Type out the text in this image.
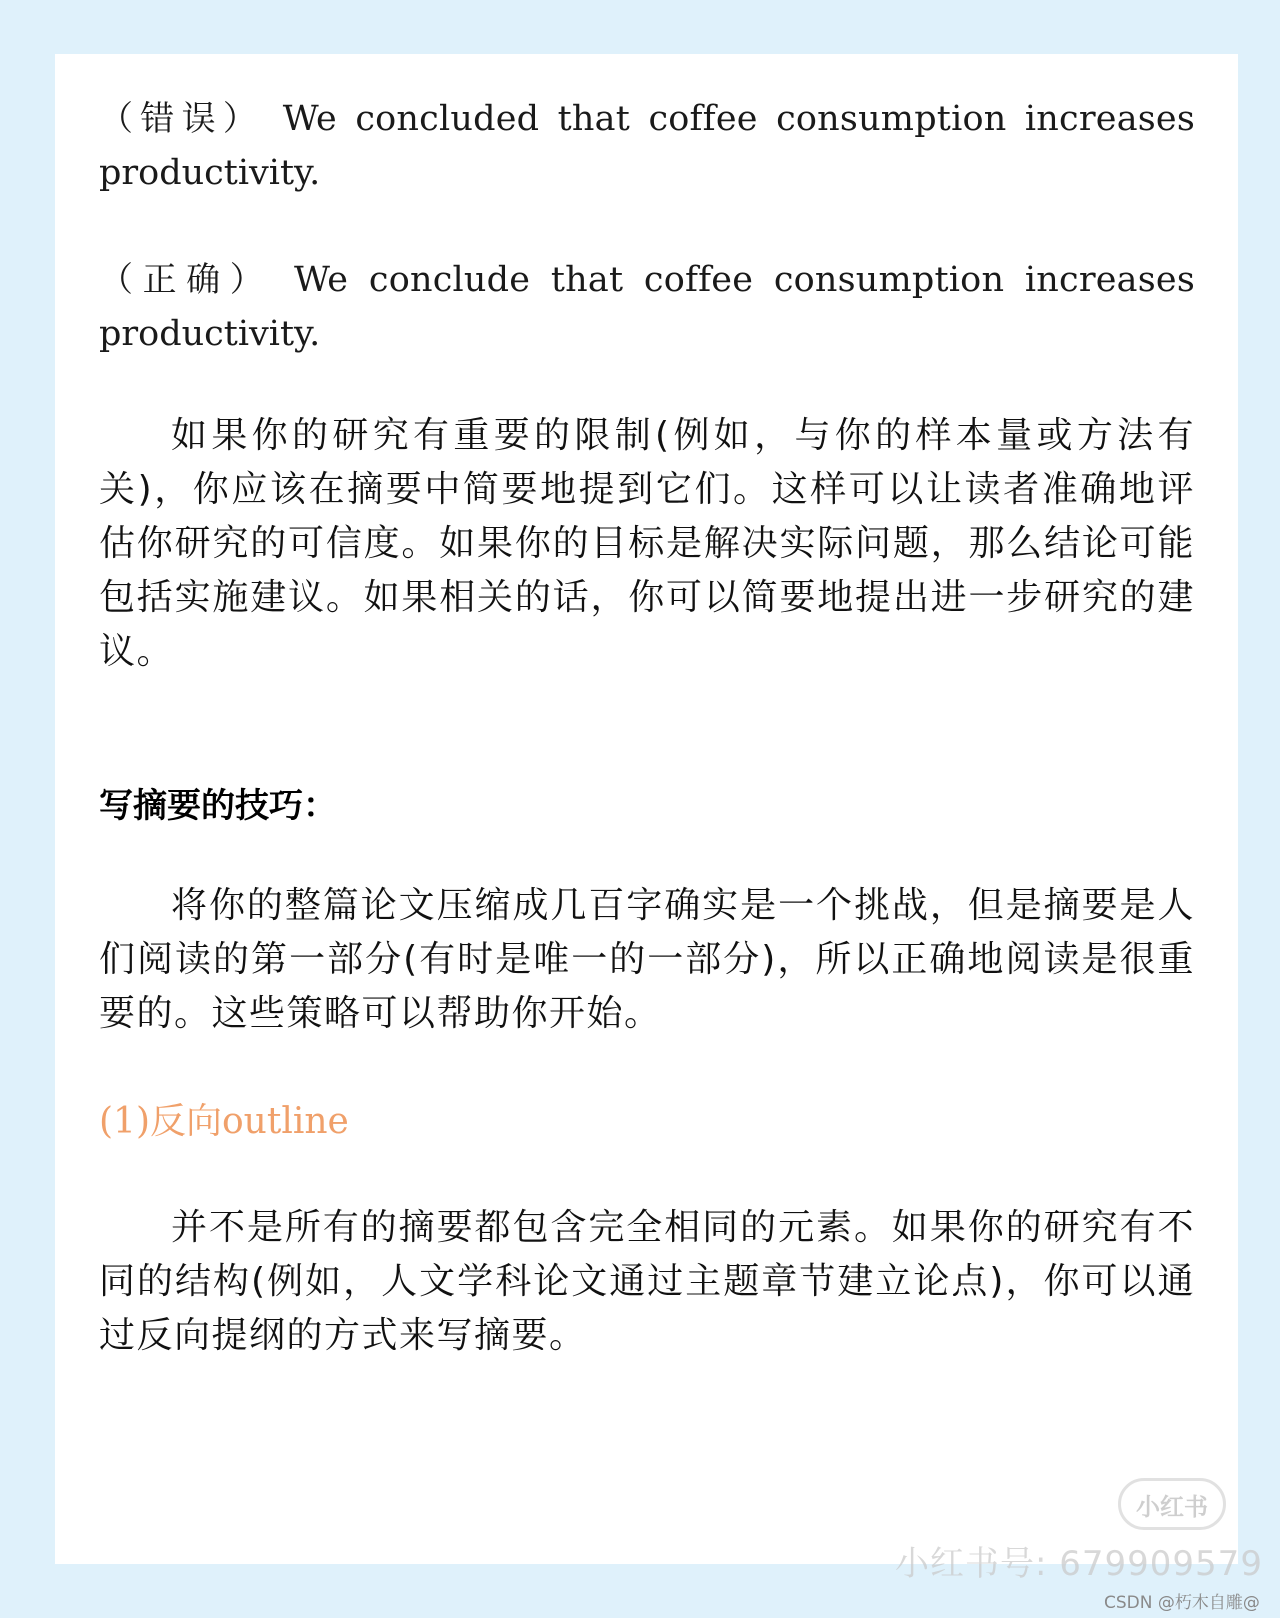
（错误） We concluded that coffee consumption increases

productivity.

（正确） We conclude that coffee consumption increases

productivity.

如果你的研究有重要的限制(例如，与你的样本量或方法有关)，你应该在摘要中简要地提到它们。这样可以让读者准确地评估你研究的可信度。如果你的目标是解决实际问题，那么结论可能包括实施建议。如果相关的话，你可以简要地提出进一步研究的建议。

写摘要的技巧：

将你的整篇论文压缩成几百字确实是一个挑战，但是摘要是人们阅读的第一部分(有时是唯一的一部分)，所以正确地阅读是很重要的。这些策略可以帮助你开始。

(1)反向outline

并不是所有的摘要都包含完全相同的元素。如果你的研究有不同的结构(例如，人文学科论文通过主题章节建立论点)，你可以通过反向提纲的方式来写摘要。

小红书
小红书号: 679909579
CSDN @朽木自雕@
